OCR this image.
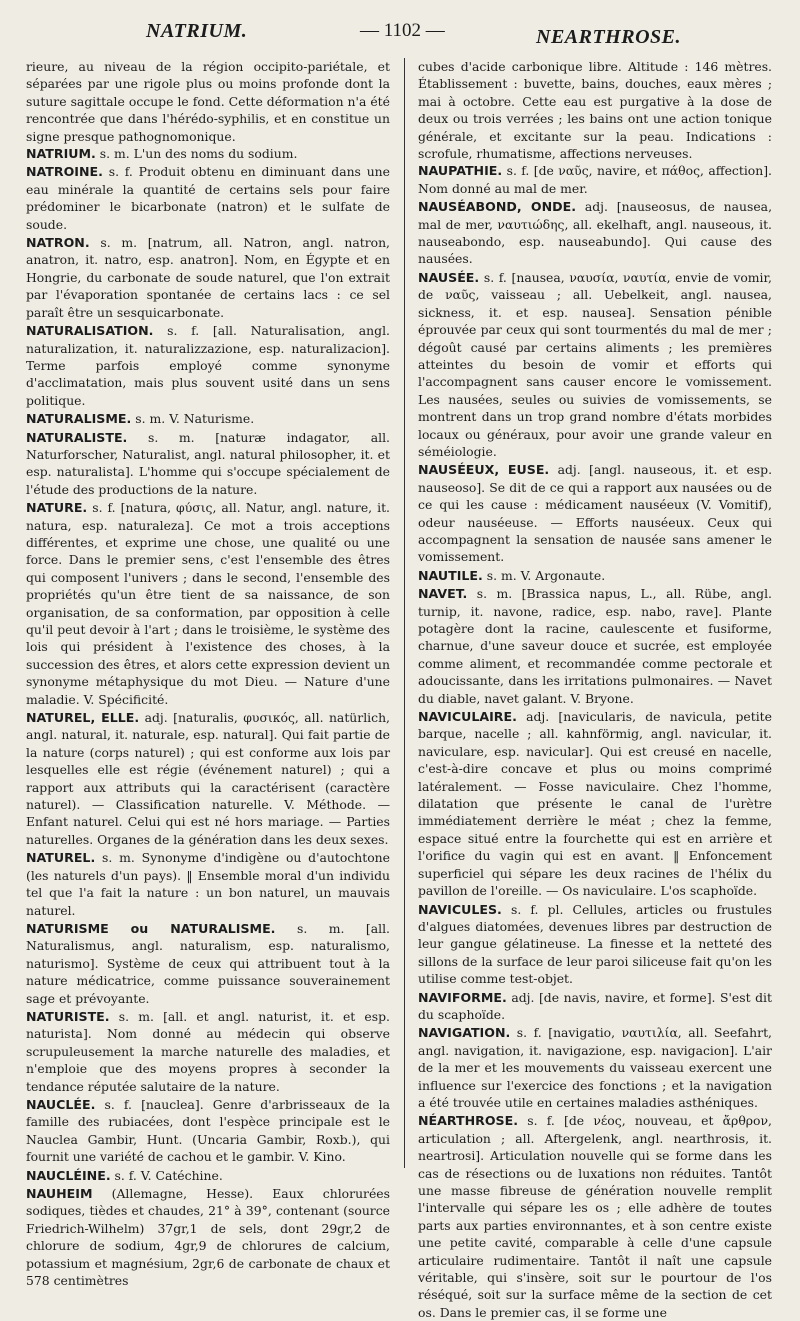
NATRIUM.	— 1102 —	NEARTHROSE.

rieure, au niveau de la région occipito-pariétale, et séparées par une rigole plus ou moins profonde dont la suture sagittale occupe le fond. Cette déformation n'a été rencontrée que dans l'hérédo-syphilis, et en constitue un signe presque pathognomonique.

NATRIUM. s. m. L'un des noms du sodium.

NATROINE. s. f. Produit obtenu en diminuant dans une eau minérale la quantité de certains sels pour faire prédominer le bicarbonate (natron) et le sulfate de soude.

NATRON. s. m. [natrum, all. Natron, angl. natron, anatron, it. natro, esp. anatron]. Nom, en Égypte et en Hongrie, du carbonate de soude naturel, que l'on extrait par l'évaporation spontanée de certains lacs : ce sel paraît être un sesquicarbonate.

NATURALISATION. s. f. [all. Naturalisation, angl. naturalization, it. naturalizzazione, esp. naturalizacion]. Terme parfois employé comme synonyme d'acclimatation, mais plus souvent usité dans un sens politique.

NATURALISME. s. m. V. Naturisme.

NATURALISTE. s. m. [naturæ indagator, all. Naturforscher, Naturalist, angl. natural philosopher, it. et esp. naturalista]. L'homme qui s'occupe spécialement de l'étude des productions de la nature.

NATURE. s. f. [natura, φύσις, all. Natur, angl. nature, it. natura, esp. naturaleza]. Ce mot a trois acceptions différentes, et exprime une chose, une qualité ou une force. Dans le premier sens, c'est l'ensemble des êtres qui composent l'univers ; dans le second, l'ensemble des propriétés qu'un être tient de sa naissance, de son organisation, de sa conformation, par opposition à celle qu'il peut devoir à l'art ; dans le troisième, le système des lois qui président à l'existence des choses, à la succession des êtres, et alors cette expression devient un synonyme métaphysique du mot Dieu. — Nature d'une maladie. V. Spécificité.

NATUREL, ELLE. adj. [naturalis, φυσικός, all. natürlich, angl. natural, it. naturale, esp. natural]. Qui fait partie de la nature (corps naturel) ; qui est conforme aux lois par lesquelles elle est régie (événement naturel) ; qui a rapport aux attributs qui la caractérisent (caractère naturel). — Classification naturelle. V. Méthode. — Enfant naturel. Celui qui est né hors mariage. — Parties naturelles. Organes de la génération dans les deux sexes.

NATUREL. s. m. Synonyme d'indigène ou d'autochtone (les naturels d'un pays). ‖ Ensemble moral d'un individu tel que l'a fait la nature : un bon naturel, un mauvais naturel.

NATURISME ou NATURALISME. s. m. [all. Naturalismus, angl. naturalism, esp. naturalismo, naturismo]. Système de ceux qui attribuent tout à la nature médicatrice, comme puissance souverainement sage et prévoyante.

NATURISTE. s. m. [all. et angl. naturist, it. et esp. naturista]. Nom donné au médecin qui observe scrupuleusement la marche naturelle des maladies, et n'emploie que des moyens propres à seconder la tendance réputée salutaire de la nature.

NAUCLÉE. s. f. [nauclea]. Genre d'arbrisseaux de la famille des rubiacées, dont l'espèce principale est le Nauclea Gambir, Hunt. (Uncaria Gambir, Roxb.), qui fournit une variété de cachou et le gambir. V. Kino.

NAUCLÉINE. s. f. V. Catéchine.

NAUHEIM (Allemagne, Hesse). Eaux chlorurées sodiques, tièdes et chaudes, 21° à 39°, contenant (source Friedrich-Wilhelm) 37gr,1 de sels, dont 29gr,2 de chlorure de sodium, 4gr,9 de chlorures de calcium, potassium et magnésium, 2gr,6 de carbonate de chaux et 578 centimètres

cubes d'acide carbonique libre. Altitude : 146 mètres. Établissement : buvette, bains, douches, eaux mères ; mai à octobre. Cette eau est purgative à la dose de deux ou trois verrées ; les bains ont une action tonique générale, et excitante sur la peau. Indications : scrofule, rhumatisme, affections nerveuses.

NAUPATHIE. s. f. [de ναῦς, navire, et πάθος, affection]. Nom donné au mal de mer.

NAUSÉABOND, ONDE. adj. [nauseosus, de nausea, mal de mer, ναυτιώδης, all. ekelhaft, angl. nauseous, it. nauseabondo, esp. nauseabundo]. Qui cause des nausées.

NAUSÉE. s. f. [nausea, ναυσία, ναυτία, envie de vomir, de ναῦς, vaisseau ; all. Uebelkeit, angl. nausea, sickness, it. et esp. nausea]. Sensation pénible éprouvée par ceux qui sont tourmentés du mal de mer ; dégoût causé par certains aliments ; les premières atteintes du besoin de vomir et efforts qui l'accompagnent sans causer encore le vomissement. Les nausées, seules ou suivies de vomissements, se montrent dans un trop grand nombre d'états morbides locaux ou généraux, pour avoir une grande valeur en séméiologie.

NAUSÉEUX, EUSE. adj. [angl. nauseous, it. et esp. nauseoso]. Se dit de ce qui a rapport aux nausées ou de ce qui les cause : médicament nauséeux (V. Vomitif), odeur nauséeuse. — Efforts nauséeux. Ceux qui accompagnent la sensation de nausée sans amener le vomissement.

NAUTILE. s. m. V. Argonaute.

NAVET. s. m. [Brassica napus, L., all. Rübe, angl. turnip, it. navone, radice, esp. nabo, rave]. Plante potagère dont la racine, caulescente et fusiforme, charnue, d'une saveur douce et sucrée, est employée comme aliment, et recommandée comme pectorale et adoucissante, dans les irritations pulmonaires. — Navet du diable, navet galant. V. Bryone.

NAVICULAIRE. adj. [navicularis, de navicula, petite barque, nacelle ; all. kahnförmig, angl. navicular, it. naviculare, esp. navicular]. Qui est creusé en nacelle, c'est-à-dire concave et plus ou moins comprimé latéralement. — Fosse naviculaire. Chez l'homme, dilatation que présente le canal de l'urètre immédiatement derrière le méat ; chez la femme, espace situé entre la fourchette qui est en arrière et l'orifice du vagin qui est en avant. ‖ Enfoncement superficiel qui sépare les deux racines de l'hélix du pavillon de l'oreille. — Os naviculaire. L'os scaphoïde.

NAVICULES. s. f. pl. Cellules, articles ou frustules d'algues diatomées, devenues libres par destruction de leur gangue gélatineuse. La finesse et la netteté des sillons de la surface de leur paroi siliceuse fait qu'on les utilise comme test-objet.

NAVIFORME. adj. [de navis, navire, et forme]. S'est dit du scaphoïde.

NAVIGATION. s. f. [navigatio, ναυτιλία, all. Seefahrt, angl. navigation, it. navigazione, esp. navigacion]. L'air de la mer et les mouvements du vaisseau exercent une influence sur l'exercice des fonctions ; et la navigation a été trouvée utile en certaines maladies asthéniques.

NÉARTHROSE. s. f. [de νέος, nouveau, et ἄρθρον, articulation ; all. Aftergelenk, angl. nearthrosis, it. neartrosi]. Articulation nouvelle qui se forme dans les cas de résections ou de luxations non réduites. Tantôt une masse fibreuse de génération nouvelle remplit l'intervalle qui sépare les os ; elle adhère de toutes parts aux parties environnantes, et à son centre existe une petite cavité, comparable à celle d'une capsule articulaire rudimentaire. Tantôt il naît une capsule véritable, qui s'insère, soit sur le pourtour de l'os réséqué, soit sur la surface même de la section de cet os. Dans le premier cas, il se forme une
